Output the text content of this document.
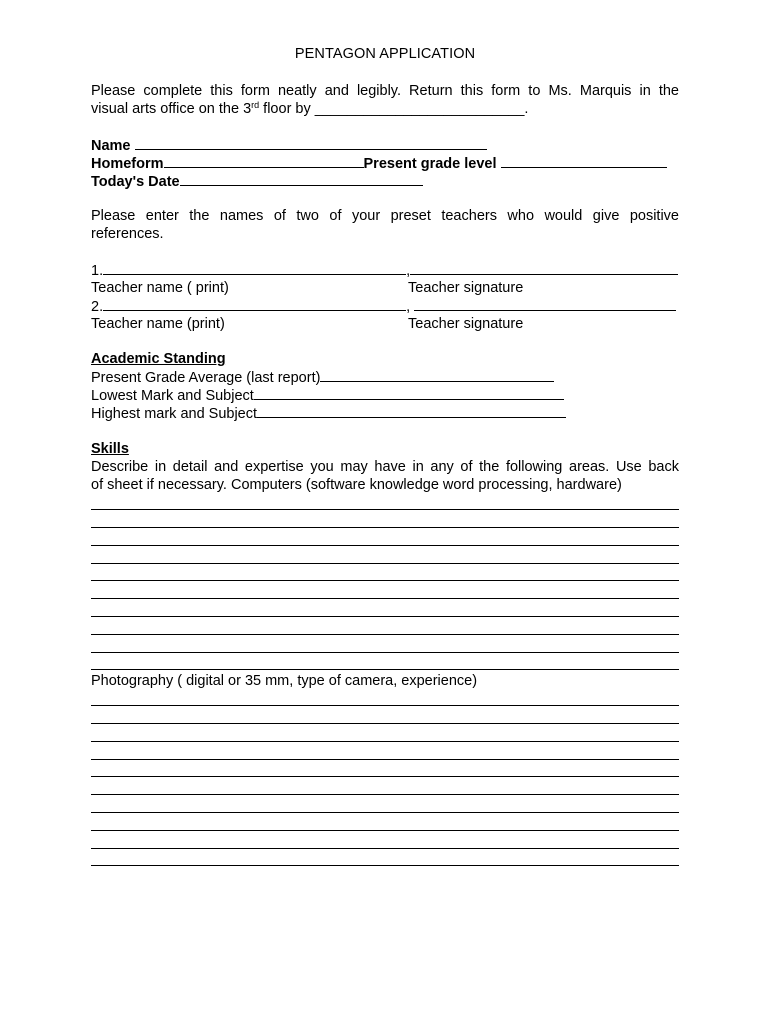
PENTAGON APPLICATION
Please complete this form neatly and legibly. Return this form to Ms. Marquis in the
visual arts office on the 3rd floor by __________________________.
Name
Homeform	Present grade level
Today's Date
Please enter the names of two of your preset teachers who would give positive
references.
1.	,
Teacher name ( print)	Teacher signature
2.	,
Teacher name (print)	Teacher signature
Academic Standing
Present Grade Average (last report)
Lowest Mark and Subject
Highest mark and Subject
Skills
Describe in detail and expertise you may have in any of the following areas. Use back
of sheet if necessary. Computers (software knowledge word processing, hardware)
Photography ( digital or 35 mm, type of camera, experience)
